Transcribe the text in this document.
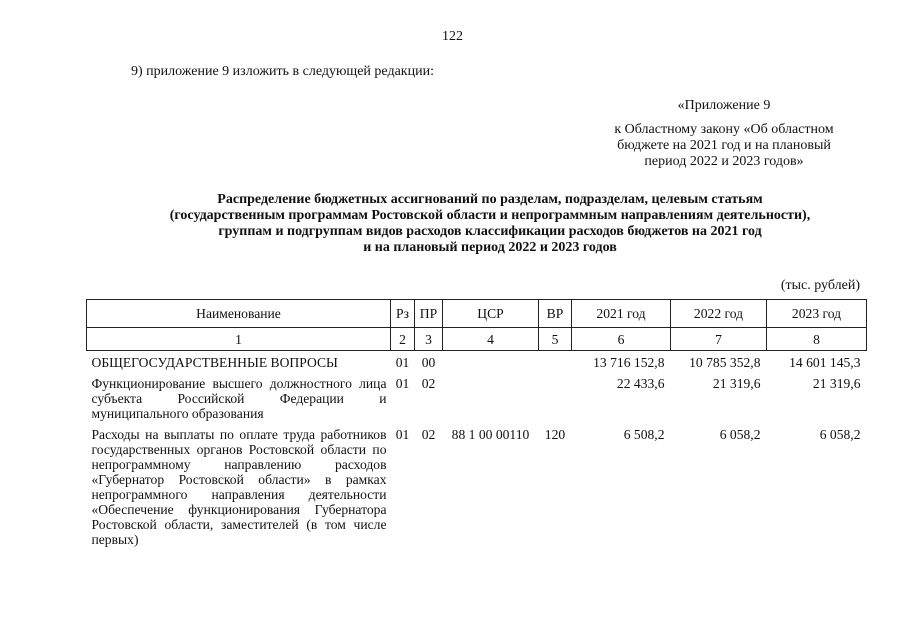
122
9) приложение 9 изложить в следующей редакции:
«Приложение 9
к Областному закону «Об областном
бюджете на 2021 год и на плановый
период 2022 и 2023 годов»
Распределение бюджетных ассигнований по разделам, подразделам, целевым статьям
(государственным программам Ростовской области и непрограммным направлениям деятельности),
группам и подгруппам видов расходов классификации расходов бюджетов на 2021 год
и на плановый период 2022 и 2023 годов
(тыс. рублей)
Наименование	Рз	ПР	ЦСР	ВР	2021 год	2022 год	2023 год
1	2	3	4	5	6	7	8
ОБЩЕГОСУДАРСТВЕННЫЕ ВОПРОСЫ	01	00			13 716 152,8	10 785 352,8	14 601 145,3
Функционирование высшего должностного лица субъекта Российской Федерации и муниципального образования	01	02			22 433,6	21 319,6	21 319,6
Расходы на выплаты по оплате труда работников государственных органов Ростовской области по непрограммному направлению расходов «Губернатор Ростовской области» в рамках непрограммного направления деятельности «Обеспечение функционирования Губернатора Ростовской области, заместителей (в том числе первых)	01	02	88 1 00 00110	120	6 508,2	6 058,2	6 058,2
